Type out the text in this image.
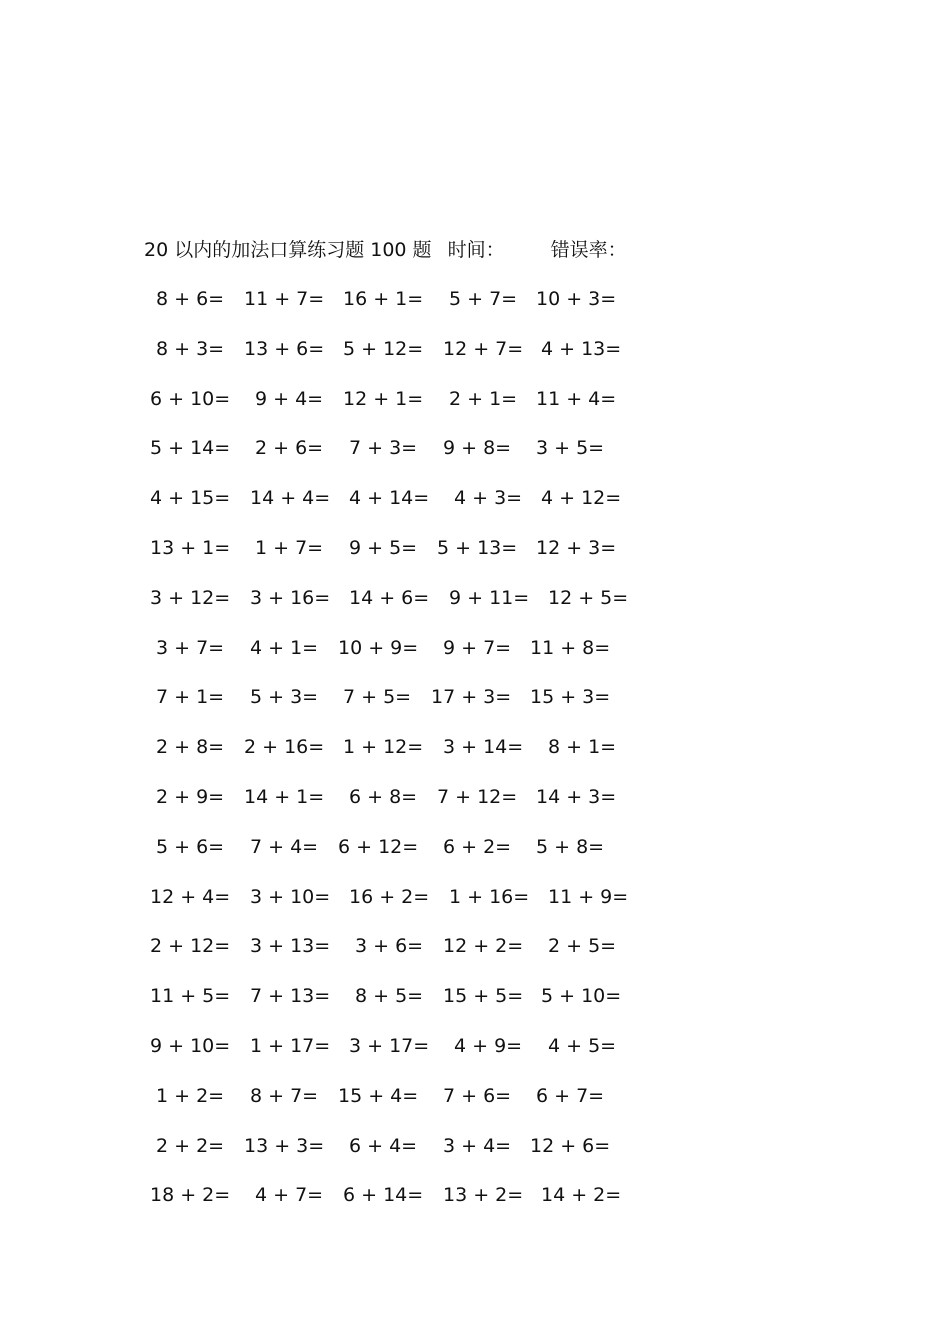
20 以内的加法口算练习题 100 题 时间： 错误率：
8 + 6= 11 + 7= 16 + 1= 5 + 7= 10 + 3=
8 + 3= 13 + 6= 5 + 12= 12 + 7= 4 + 13=
6 + 10= 9 + 4= 12 + 1= 2 + 1= 11 + 4=
5 + 14= 2 + 6= 7 + 3= 9 + 8= 3 + 5=
4 + 15= 14 + 4= 4 + 14= 4 + 3= 4 + 12=
13 + 1= 1 + 7= 9 + 5= 5 + 13= 12 + 3=
3 + 12= 3 + 16= 14 + 6= 9 + 11= 12 + 5=
3 + 7= 4 + 1= 10 + 9= 9 + 7= 11 + 8=
7 + 1= 5 + 3= 7 + 5= 17 + 3= 15 + 3=
2 + 8= 2 + 16= 1 + 12= 3 + 14= 8 + 1=
2 + 9= 14 + 1= 6 + 8= 7 + 12= 14 + 3=
5 + 6= 7 + 4= 6 + 12= 6 + 2= 5 + 8=
12 + 4= 3 + 10= 16 + 2= 1 + 16= 11 + 9=
2 + 12= 3 + 13= 3 + 6= 12 + 2= 2 + 5=
11 + 5= 7 + 13= 8 + 5= 15 + 5= 5 + 10=
9 + 10= 1 + 17= 3 + 17= 4 + 9= 4 + 5=
1 + 2= 8 + 7= 15 + 4= 7 + 6= 6 + 7=
2 + 2= 13 + 3= 6 + 4= 3 + 4= 12 + 6=
18 + 2= 4 + 7= 6 + 14= 13 + 2= 14 + 2=
